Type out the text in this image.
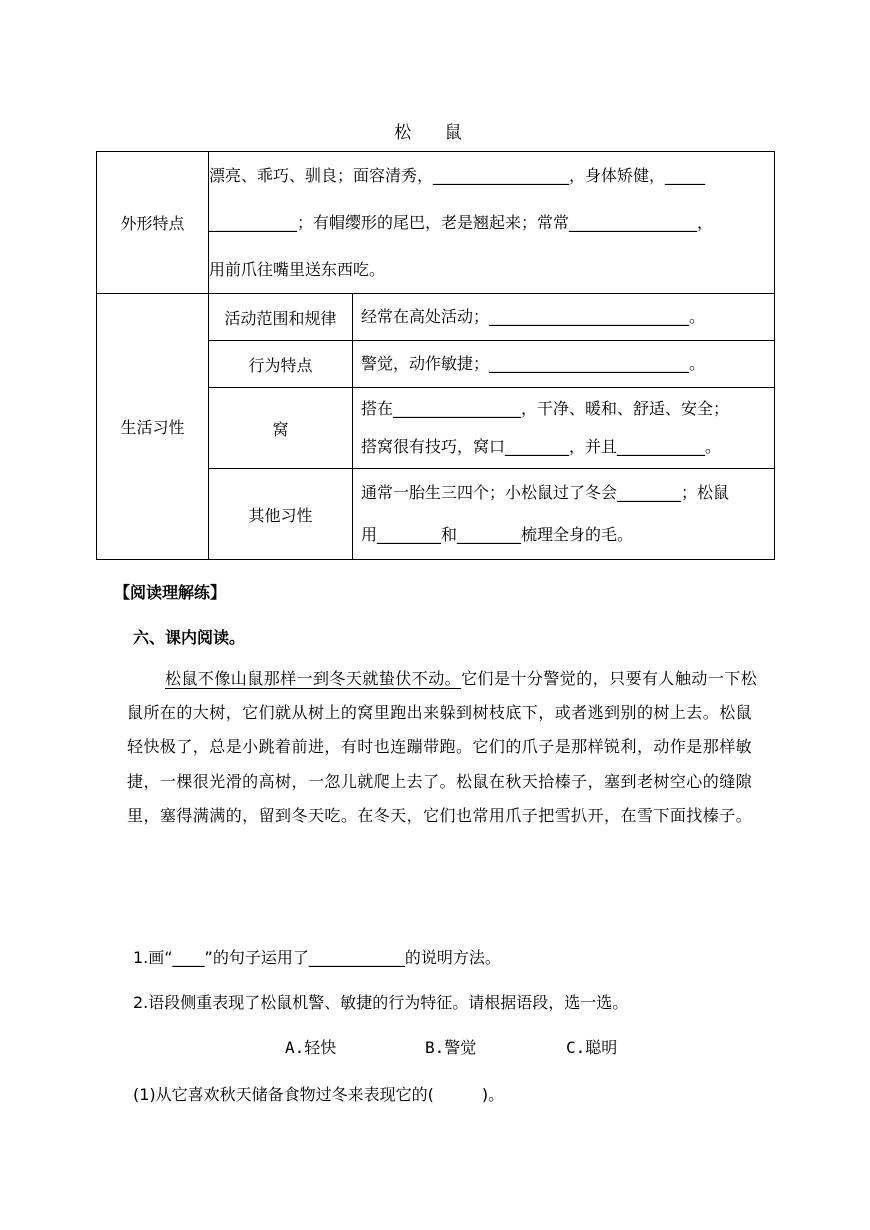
松 鼠
外形特点	漂亮、乖巧、驯良；面容清秀，_________________，身体矫健，_____
___________；有帽缨形的尾巴，老是翘起来；常常________________，
用前爪往嘴里送东西吃。	

生活习性	活动范围和规律	经常在高处活动；_________________________。

	行为特点	警觉，动作敏捷；_________________________。

	窝	搭在________________，干净、暖和、舒适、安全；
搭窝很有技巧，窝口________，并且___________。

	其他习性	通常一胎生三四个；小松鼠过了冬会________；松鼠
用________和________梳理全身的毛。
【阅读理解练】
六、课内阅读。
松鼠不像山鼠那样一到冬天就蛰伏不动。它们是十分警觉的，只要有人触动一下松鼠所在的大树，它们就从树上的窝里跑出来躲到树枝底下，或者逃到别的树上去。松鼠轻快极了，总是小跳着前进，有时也连蹦带跑。它们的爪子是那样锐利，动作是那样敏捷，一棵很光滑的高树，一忽儿就爬上去了。松鼠在秋天拾榛子，塞到老树空心的缝隙里，塞得满满的，留到冬天吃。在冬天，它们也常用爪子把雪扒开，在雪下面找榛子。
1.画“____”的句子运用了____________的说明方法。
2.语段侧重表现了松鼠机警、敏捷的行为特征。请根据语段，选一选。
A.轻快	B.警觉	C.聪明
(1)从它喜欢秋天储备食物过冬来表现它的(　　　)。
